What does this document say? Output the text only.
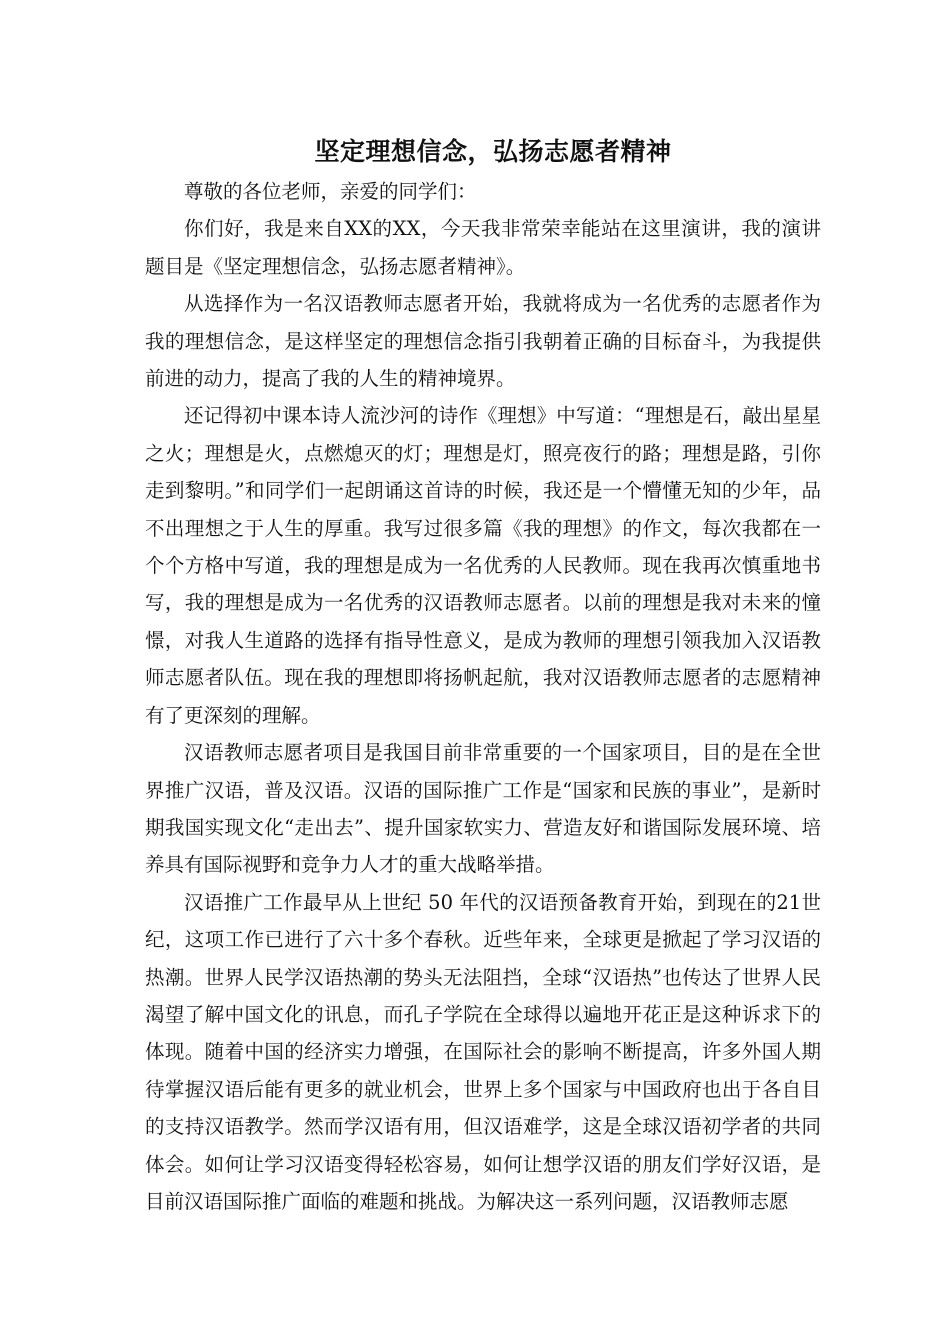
坚定理想信念，弘扬志愿者精神

尊敬的各位老师，亲爱的同学们：

你们好，我是来自XX的XX，今天我非常荣幸能站在这里演讲，我的演讲题目是《坚定理想信念，弘扬志愿者精神》。

从选择作为一名汉语教师志愿者开始，我就将成为一名优秀的志愿者作为我的理想信念，是这样坚定的理想信念指引我朝着正确的目标奋斗，为我提供前进的动力，提高了我的人生的精神境界。

还记得初中课本诗人流沙河的诗作《理想》中写道：“理想是石，敲出星星之火；理想是火，点燃熄灭的灯；理想是灯，照亮夜行的路；理想是路，引你走到黎明。”和同学们一起朗诵这首诗的时候，我还是一个懵懂无知的少年，品不出理想之于人生的厚重。我写过很多篇《我的理想》的作文，每次我都在一个个方格中写道，我的理想是成为一名优秀的人民教师。现在我再次慎重地书写，我的理想是成为一名优秀的汉语教师志愿者。以前的理想是我对未来的憧憬，对我人生道路的选择有指导性意义，是成为教师的理想引领我加入汉语教师志愿者队伍。现在我的理想即将扬帆起航，我对汉语教师志愿者的志愿精神有了更深刻的理解。

汉语教师志愿者项目是我国目前非常重要的一个国家项目，目的是在全世界推广汉语，普及汉语。汉语的国际推广工作是“国家和民族的事业”，是新时期我国实现文化“走出去”、提升国家软实力、营造友好和谐国际发展环境、培养具有国际视野和竞争力人才的重大战略举措。

汉语推广工作最早从上世纪 50 年代的汉语预备教育开始，到现在的21世纪，这项工作已进行了六十多个春秋。近些年来，全球更是掀起了学习汉语的热潮。世界人民学汉语热潮的势头无法阻挡，全球“汉语热”也传达了世界人民渴望了解中国文化的讯息，而孔子学院在全球得以遍地开花正是这种诉求下的体现。随着中国的经济实力增强，在国际社会的影响不断提高，许多外国人期待掌握汉语后能有更多的就业机会，世界上多个国家与中国政府也出于各自目的支持汉语教学。然而学汉语有用，但汉语难学，这是全球汉语初学者的共同体会。如何让学习汉语变得轻松容易，如何让想学汉语的朋友们学好汉语，是目前汉语国际推广面临的难题和挑战。为解决这一系列问题，汉语教师志愿
